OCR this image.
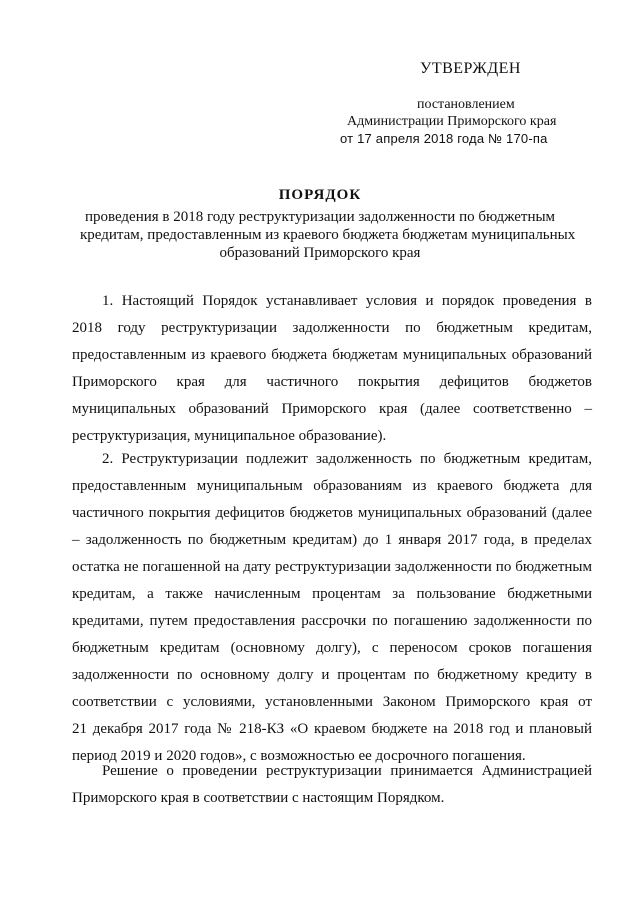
УТВЕРЖДЕН
постановлением
Администрации Приморского края
от 17 апреля 2018 года № 170-па
ПОРЯДОК
проведения в 2018 году реструктуризации задолженности по бюджетным
кредитам, предоставленным из краевого бюджета бюджетам муниципальных
образований Приморского края
1. Настоящий Порядок устанавливает условия и порядок проведения в
2018 году реструктуризации задолженности по бюджетным кредитам,
предоставленным из краевого бюджета бюджетам муниципальных образований
Приморского края для частичного покрытия дефицитов бюджетов
муниципальных образований Приморского края (далее соответственно –
реструктуризация, муниципальное образование).
2. Реструктуризации подлежит задолженность по бюджетным кредитам,
предоставленным муниципальным образованиям из краевого бюджета для
частичного покрытия дефицитов бюджетов муниципальных образований (далее
– задолженность по бюджетным кредитам) до 1 января 2017 года, в пределах
остатка не погашенной на дату реструктуризации задолженности по бюджетным
кредитам, а также начисленным процентам за пользование бюджетными
кредитами, путем предоставления рассрочки по погашению задолженности по
бюджетным кредитам (основному долгу), с переносом сроков погашения
задолженности по основному долгу и процентам по бюджетному кредиту в
соответствии с условиями, установленными Законом Приморского края от
21 декабря 2017 года № 218-КЗ «О краевом бюджете на 2018 год и плановый
период 2019 и 2020 годов», с возможностью ее досрочного погашения.
Решение о проведении реструктуризации принимается Администрацией
Приморского края в соответствии с настоящим Порядком.
